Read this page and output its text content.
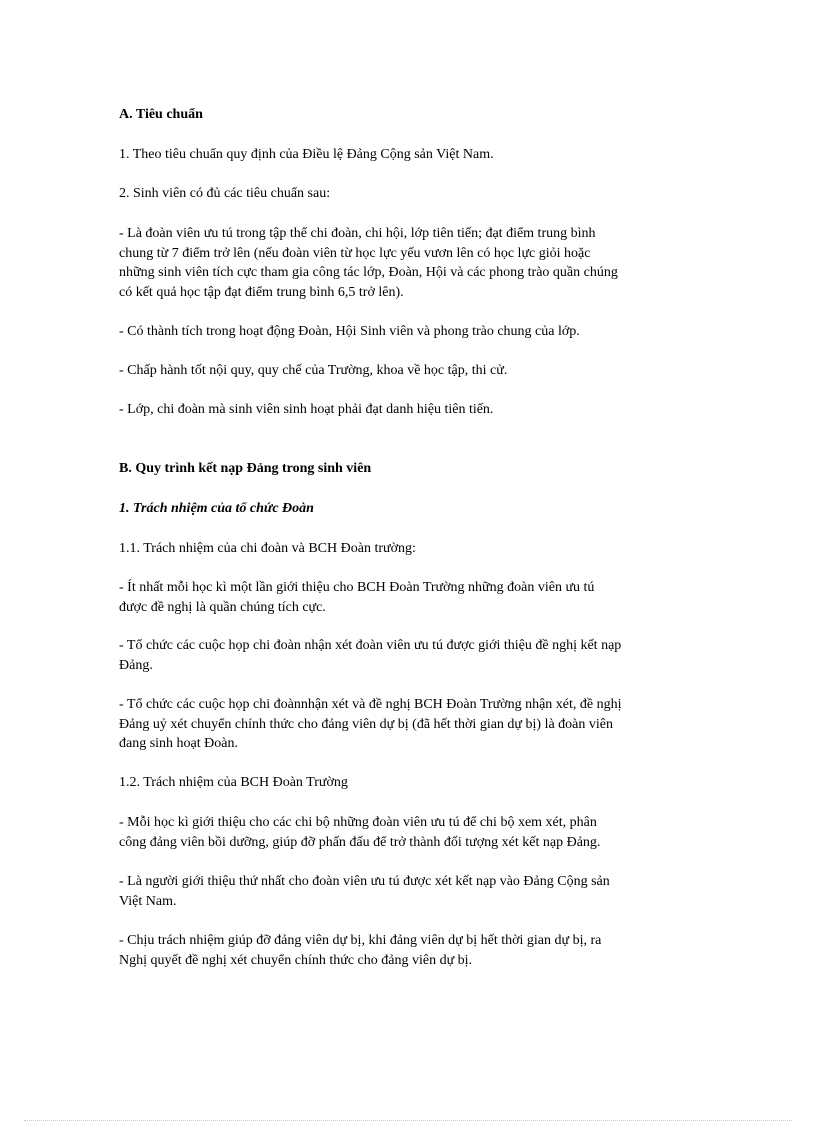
A. Tiêu chuẩn

1. Theo tiêu chuẩn quy định của Điều lệ Đảng Cộng sản Việt Nam.

2. Sinh viên có đủ các tiêu chuẩn sau:

- Là đoàn viên ưu tú trong tập thể chi đoàn, chi hội, lớp tiên tiến; đạt điểm trung bình
chung từ 7 điểm trở lên (nếu đoàn viên từ học lực yếu vươn lên có học lực giỏi hoặc
những sinh viên tích cực tham gia công tác lớp, Đoàn, Hội và các phong trào quần chúng
có kết quả học tập đạt điểm trung bình 6,5 trở lên).

- Có thành tích trong hoạt động Đoàn, Hội Sinh viên và phong trào chung của lớp.

- Chấp hành tốt nội quy, quy chế của Trường, khoa về học tập, thi cử.

- Lớp, chi đoàn mà sinh viên sinh hoạt phải đạt danh hiệu tiên tiến.

B. Quy trình kết nạp Đảng trong sinh viên

1. Trách nhiệm của tổ chức Đoàn

1.1. Trách nhiệm của chi đoàn và BCH Đoàn trường:

- Ít nhất mỗi học kì một lần giới thiệu cho BCH Đoàn Trường những đoàn viên ưu tú
được đề nghị là quần chúng tích cực.

- Tổ chức các cuộc họp chi đoàn nhận xét đoàn viên ưu tú được giới thiệu đề nghị kết nạp
Đảng.

- Tổ chức các cuộc họp chi đoànnhận xét và đề nghị BCH Đoàn Trường nhận xét, đề nghị
Đảng uỷ xét chuyển chính thức cho đảng viên dự bị (đã hết thời gian dự bị) là đoàn viên
đang sinh hoạt Đoàn.

1.2. Trách nhiệm của BCH Đoàn Trường

- Mỗi học kì giới thiệu cho các chi bộ những đoàn viên ưu tú để chi bộ xem xét, phân
công đảng viên bồi dưỡng, giúp đỡ phấn đấu để trở thành đối tượng xét kết nạp Đảng.

- Là người giới thiệu thứ nhất cho đoàn viên ưu tú được xét kết nạp vào Đảng Cộng sản
Việt Nam.

- Chịu trách nhiệm giúp đỡ đảng viên dự bị, khi đảng viên dự bị hết thời gian dự bị, ra
Nghị quyết đề nghị xét chuyển chính thức cho đảng viên dự bị.
